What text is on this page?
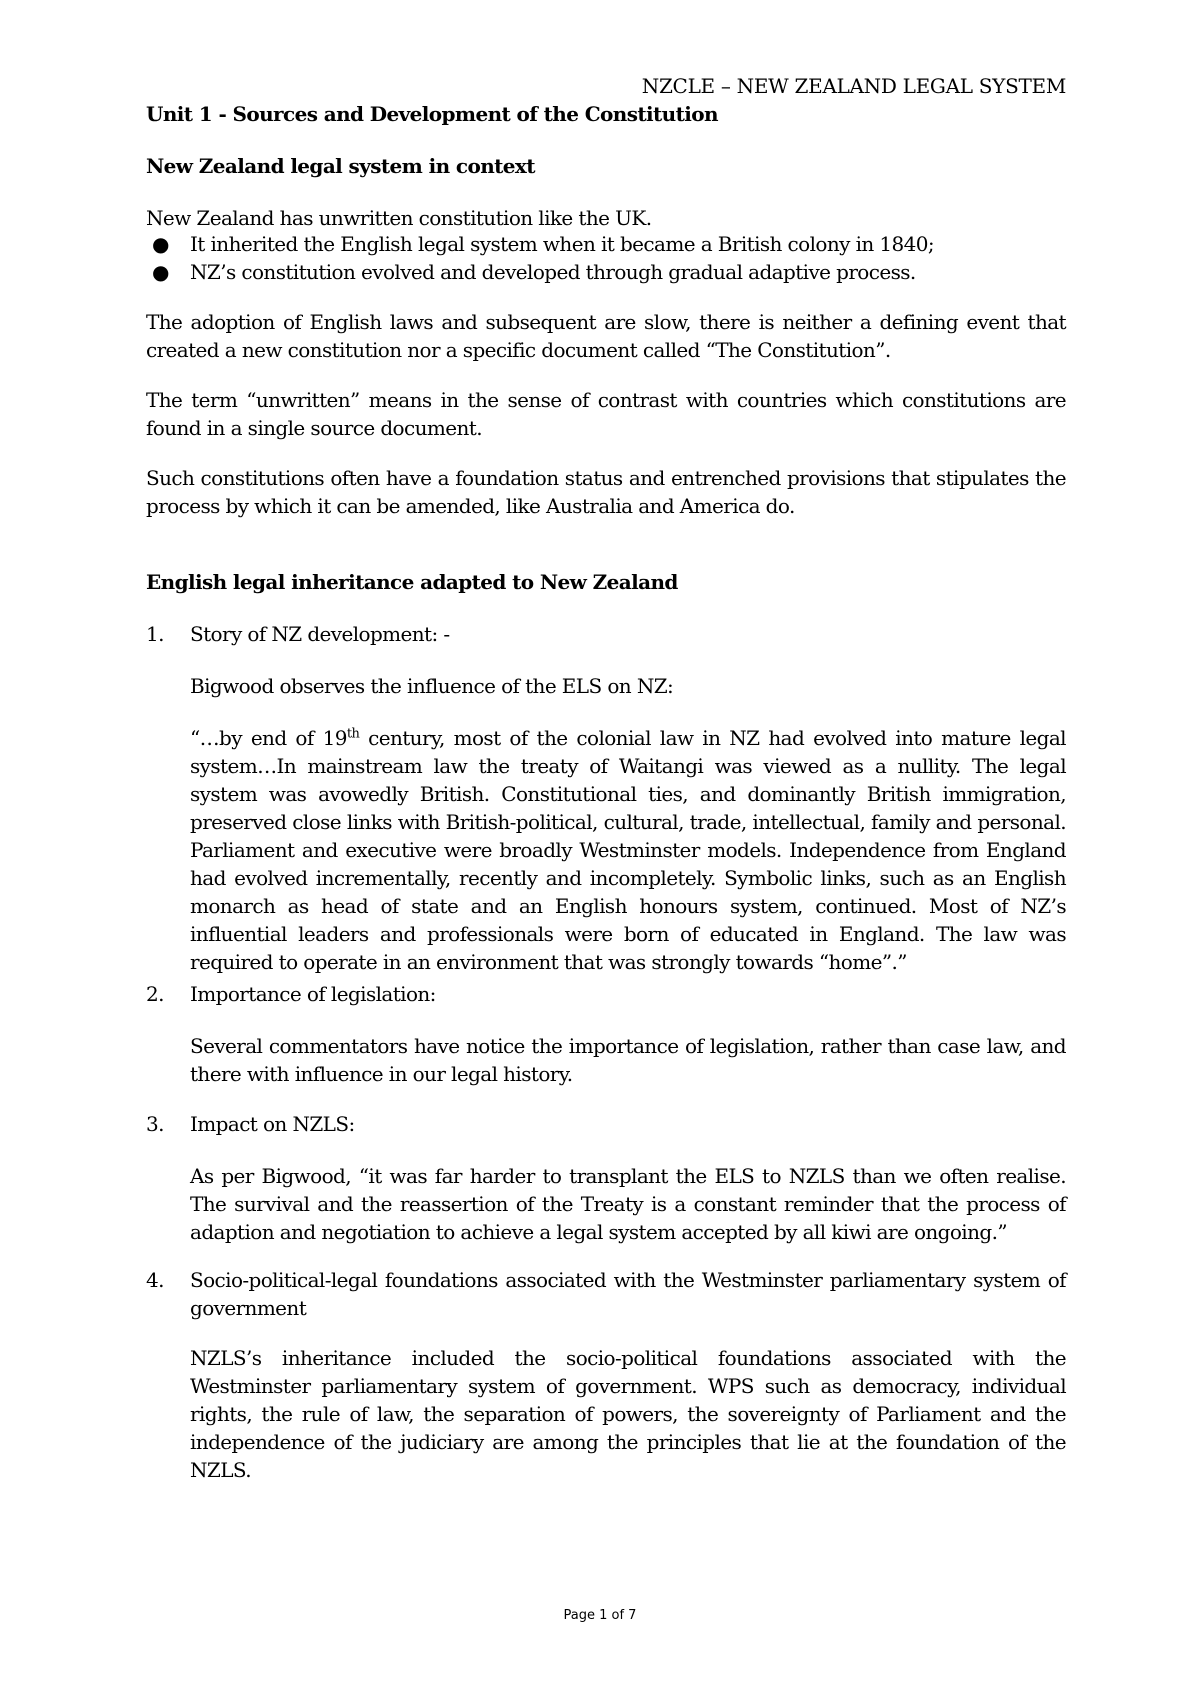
NZCLE – NEW ZEALAND LEGAL SYSTEM
Unit 1 - Sources and Development of the Constitution
New Zealand legal system in context
New Zealand has unwritten constitution like the UK.
● It inherited the English legal system when it became a British colony in 1840;
● NZ’s constitution evolved and developed through gradual adaptive process.
The adoption of English laws and subsequent are slow, there is neither a defining event that created a new constitution nor a specific document called “The Constitution”.
The term “unwritten” means in the sense of contrast with countries which constitutions are found in a single source document.
Such constitutions often have a foundation status and entrenched provisions that stipulates the process by which it can be amended, like Australia and America do.
English legal inheritance adapted to New Zealand
1. Story of NZ development: -
Bigwood observes the influence of the ELS on NZ:
“…by end of 19th century, most of the colonial law in NZ had evolved into mature legal system…In mainstream law the treaty of Waitangi was viewed as a nullity. The legal system was avowedly British. Constitutional ties, and dominantly British immigration, preserved close links with British-political, cultural, trade, intellectual, family and personal. Parliament and executive were broadly Westminster models. Independence from England had evolved incrementally, recently and incompletely. Symbolic links, such as an English monarch as head of state and an English honours system, continued. Most of NZ’s influential leaders and professionals were born of educated in England. The law was required to operate in an environment that was strongly towards “home”.”
2. Importance of legislation:
Several commentators have notice the importance of legislation, rather than case law, and there with influence in our legal history.
3. Impact on NZLS:
As per Bigwood, “it was far harder to transplant the ELS to NZLS than we often realise. The survival and the reassertion of the Treaty is a constant reminder that the process of adaption and negotiation to achieve a legal system accepted by all kiwi are ongoing.”
4. Socio-political-legal foundations associated with the Westminster parliamentary system of government
NZLS’s inheritance included the socio-political foundations associated with the Westminster parliamentary system of government. WPS such as democracy, individual rights, the rule of law, the separation of powers, the sovereignty of Parliament and the independence of the judiciary are among the principles that lie at the foundation of the NZLS.
Page 1 of 7
